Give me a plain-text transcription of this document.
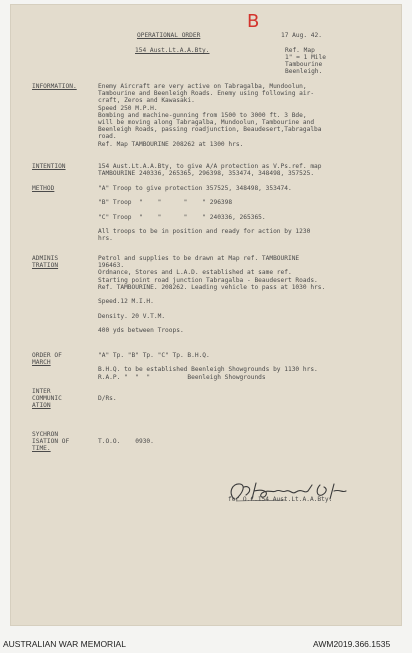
B
OPERATIONAL ORDER
154 Aust.Lt.A.A.Bty.
17 Aug. 42.
Ref. Map
1" = 1 Mile
Tambourine
Beenleigh.
INFORMATION.	Enemy Aircraft are very active on Tabragalba, Mundoolun,
Tambourine and Beenleigh Roads. Enemy using following air-
craft, Zeros and Kawasaki.
Speed 250 M.P.H.
Bombing and machine-gunning from 1500 to 3000 ft. 3 Bde,
will be moving along Tabragalba, Mundoolun, Tambourine and
Beenleigh Roads, passing roadjunction, Beaudesert,Tabragalba
road.
Ref. Map TAMBOURINE 208262 at 1300 hrs.
INTENTION	154 Aust.Lt.A.A.Bty, to give A/A protection as V.Ps.ref. map
TAMBOURINE 240336, 265365, 296398, 353474, 348498, 357525.
METHOD	"A" Troop to give protection 357525, 348498, 353474.
"B" Troop  "    "      "    " 296398
"C" Troop  "    "      "    " 240336, 265365.
All troops to be in position and ready for action by 1230
hrs.
ADMINIS
TRATION
Petrol and supplies to be drawn at Map ref. TAMBOURINE
196463.
Ordnance, Stores and L.A.D. established at same ref.
Starting point road junction Tabragalba - Beaudesert Roads.
Ref. TAMBOURINE. 208262. Leading vehicle to pass at 1030 hrs.
Speed.12 M.I.H.
Density. 20 V.T.M.
400 yds between Troops.
ORDER OF
MARCH
"A" Tp. "B" Tp. "C" Tp. B.H.Q.
B.H.Q. to be established Beenleigh Showgrounds by 1130 hrs.
R.A.P. "  "  "          Beenleigh Showgrounds
INTER
COMMUNIC
ATION
D/Rs.
SYCHRON
ISATION OF
TIME.
T.O.O.    0930.
for O.C.154 Aust.Lt.A.A.Bty.
AUSTRALIAN WAR MEMORIAL	AWM2019.366.1535
